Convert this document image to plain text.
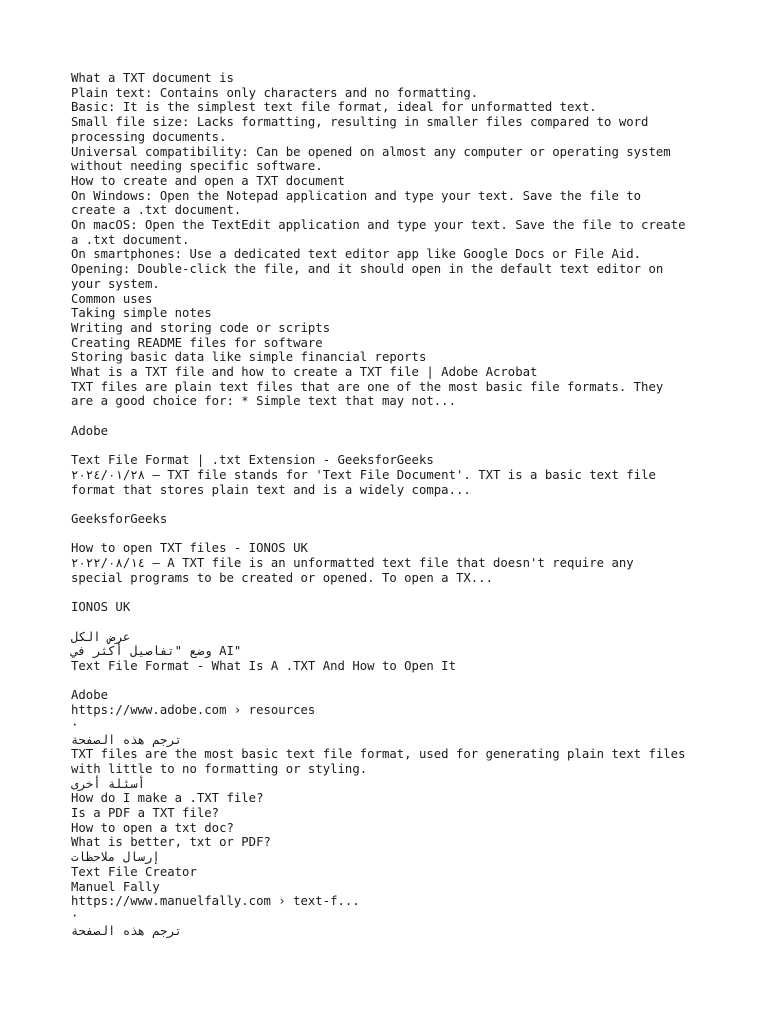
What a TXT document is
Plain text: Contains only characters and no formatting.
Basic: It is the simplest text file format, ideal for unformatted text.
Small file size: Lacks formatting, resulting in smaller files compared to word
processing documents.
Universal compatibility: Can be opened on almost any computer or operating system
without needing specific software.
How to create and open a TXT document
On Windows: Open the Notepad application and type your text. Save the file to
create a .txt document.
On macOS: Open the TextEdit application and type your text. Save the file to create
a .txt document.
On smartphones: Use a dedicated text editor app like Google Docs or File Aid.
Opening: Double-click the file, and it should open in the default text editor on
your system.
Common uses
Taking simple notes
Writing and storing code or scripts
Creating README files for software
Storing basic data like simple financial reports
What is a TXT file and how to create a TXT file | Adobe Acrobat
TXT files are plain text files that are one of the most basic file formats. They
are a good choice for: * Simple text that may not...
Adobe
Text File Format | .txt Extension - GeeksforGeeks
٢٠٢٤/٠١/٢٨ — TXT file stands for 'Text File Document'. TXT is a basic text file
format that stores plain text and is a widely compa...
GeeksforGeeks
How to open TXT files - IONOS UK
٢٠٢٢/٠٨/١٤ — A TXT file is an unformatted text file that doesn't require any
special programs to be created or opened. To open a TX...
IONOS UK
عرض الكل
وضع "تفاصيل أكثر في AI"
Text File Format - What Is A .TXT And How to Open It
Adobe
https://www.adobe.com › resources
·
ترجم هذه الصفحة
TXT files are the most basic text file format, used for generating plain text files
with little to no formatting or styling.
أسئلة أخرى
How do I make a .TXT file?
Is a PDF a TXT file?
How to open a txt doc?
What is better, txt or PDF?
إرسال ملاحظات
Text File Creator
Manuel Fally
https://www.manuelfally.com › text-f...
·
ترجم هذه الصفحة
